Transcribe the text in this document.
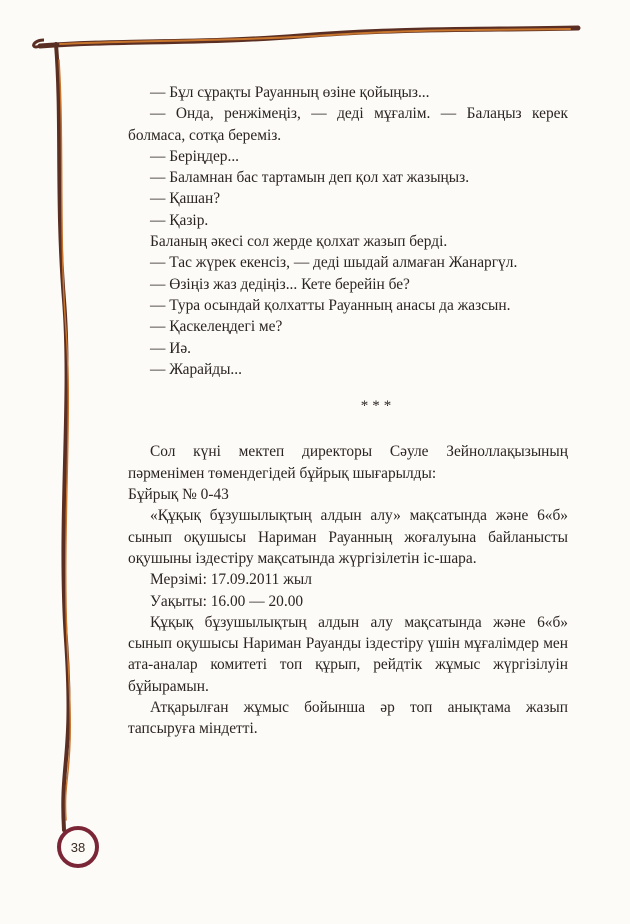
— Бұл сұрақты Рауанның өзіне қойыңыз...

— Онда, ренжімеңіз, — деді мұғалім. — Балаңыз керек болмаса, сотқа береміз.

— Беріңдер...

— Баламнан бас тартамын деп қол хат жазыңыз.

— Қашан?

— Қазір.

Баланың әкесі сол жерде қолхат жазып берді.

— Тас жүрек екенсіз, — деді шыдай алмаған Жанаргүл.

— Өзіңіз жаз дедіңіз... Кете берейін бе?

— Тура осындай қолхатты Рауанның анасы да жазсын.

— Қаскелеңдегі ме?

— Иә.

— Жарайды...

***

Сол күні мектеп директоры Сәуле Зейноллақызының пәрменімен төмендегідей бұйрық шығарылды:

Бұйрық № 0-43

«Құқық бұзушылықтың алдын алу» мақсатында және 6«б» сынып оқушысы Нариман Рауанның жоғалуына байланысты оқушыны іздестіру мақсатында жүргізілетін іс-шара.

Мерзімі: 17.09.2011 жыл

Уақыты: 16.00 — 20.00

Құқық бұзушылықтың алдын алу мақсатында және 6«б» сынып оқушысы Нариман Рауанды іздестіру үшін мұғалімдер мен ата-аналар комитеті топ құрып, рейдтік жұмыс жүргізілуін бұйырамын.

Атқарылған жұмыс бойынша әр топ анықтама жазып тапсыруға міндетті.

38
